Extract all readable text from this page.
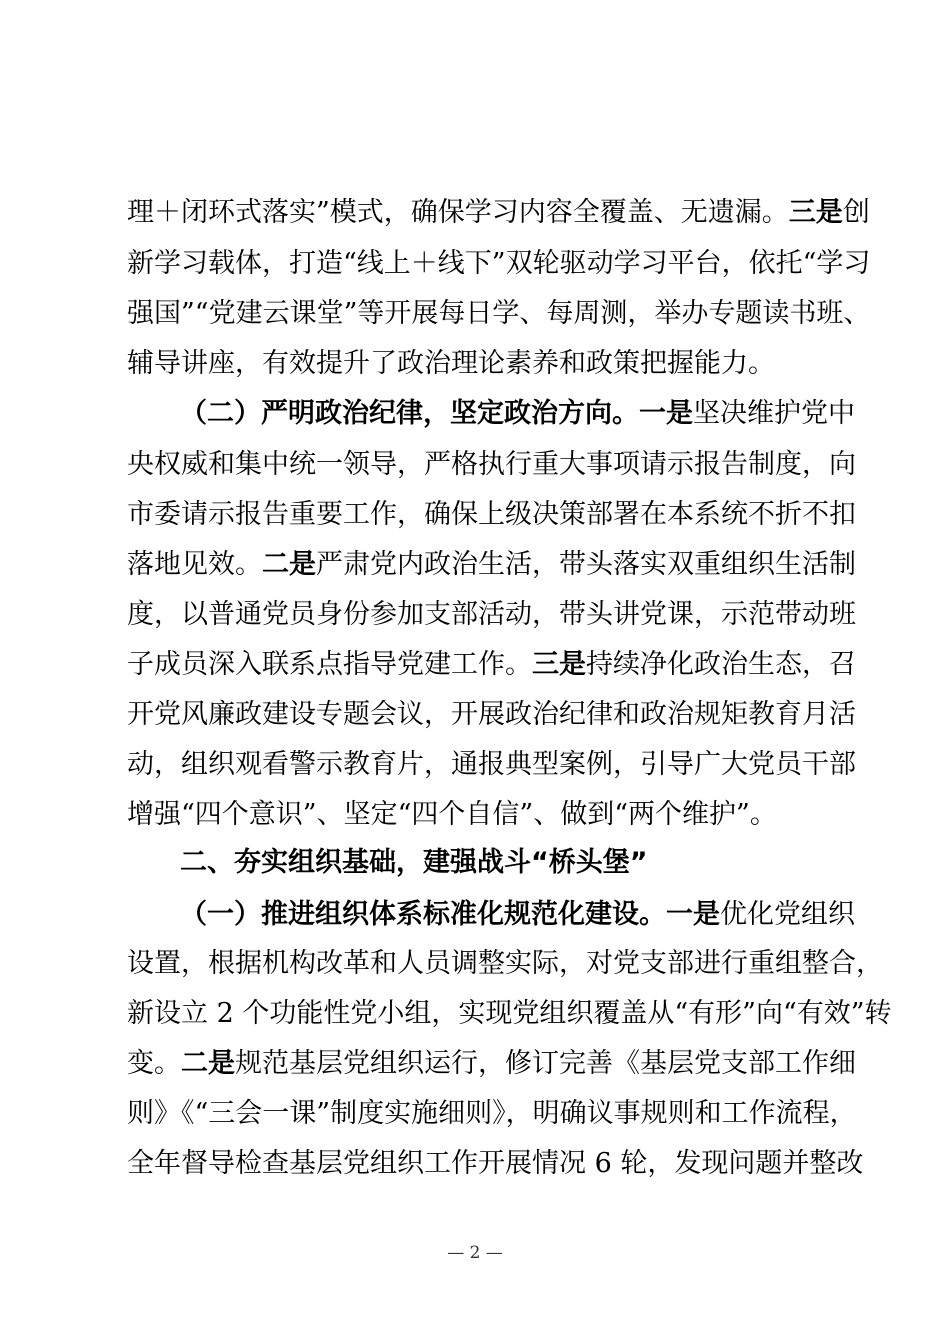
理＋闭环式落实”模式，确保学习内容全覆盖、无遗漏。三是创
新学习载体，打造“线上＋线下”双轮驱动学习平台，依托“学习
强国”“党建云课堂”等开展每日学、每周测，举办专题读书班、
辅导讲座，有效提升了政治理论素养和政策把握能力。
（二）严明政治纪律，坚定政治方向。一是坚决维护党中
央权威和集中统一领导，严格执行重大事项请示报告制度，向
市委请示报告重要工作，确保上级决策部署在本系统不折不扣
落地见效。二是严肃党内政治生活，带头落实双重组织生活制
度，以普通党员身份参加支部活动，带头讲党课，示范带动班
子成员深入联系点指导党建工作。三是持续净化政治生态，召
开党风廉政建设专题会议，开展政治纪律和政治规矩教育月活
动，组织观看警示教育片，通报典型案例，引导广大党员干部
增强“四个意识”、坚定“四个自信”、做到“两个维护”。
二、夯实组织基础，建强战斗“桥头堡”
（一）推进组织体系标准化规范化建设。一是优化党组织
设置，根据机构改革和人员调整实际，对党支部进行重组整合，
新设立 2 个功能性党小组，实现党组织覆盖从“有形”向“有效”转
变。二是规范基层党组织运行，修订完善《基层党支部工作细
则》《“三会一课”制度实施细则》，明确议事规则和工作流程，
全年督导检查基层党组织工作开展情况 6 轮，发现问题并整改
— 2 —
